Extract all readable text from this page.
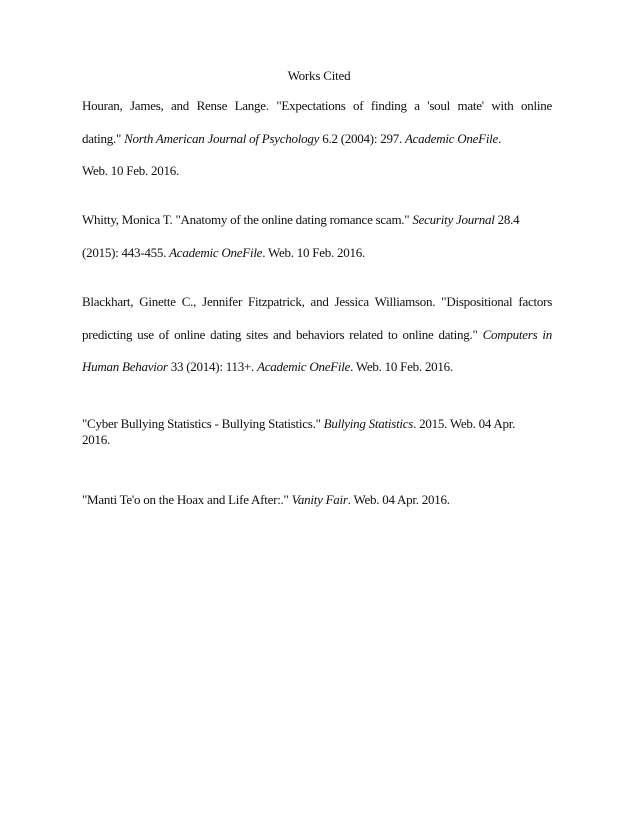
Works Cited
Houran, James, and Rense Lange. "Expectations of finding a 'soul mate' with online
dating." North American Journal of Psychology 6.2 (2004): 297. Academic OneFile.
Web. 10 Feb. 2016.
Whitty, Monica T. "Anatomy of the online dating romance scam." Security Journal 28.4
(2015): 443-455. Academic OneFile. Web. 10 Feb. 2016.
Blackhart, Ginette C., Jennifer Fitzpatrick, and Jessica Williamson. "Dispositional factors
predicting use of online dating sites and behaviors related to online dating." Computers in
Human Behavior 33 (2014): 113+. Academic OneFile. Web. 10 Feb. 2016.
"Cyber Bullying Statistics - Bullying Statistics." Bullying Statistics. 2015. Web. 04 Apr.
2016.
"Manti Te'o on the Hoax and Life After:." Vanity Fair. Web. 04 Apr. 2016.
